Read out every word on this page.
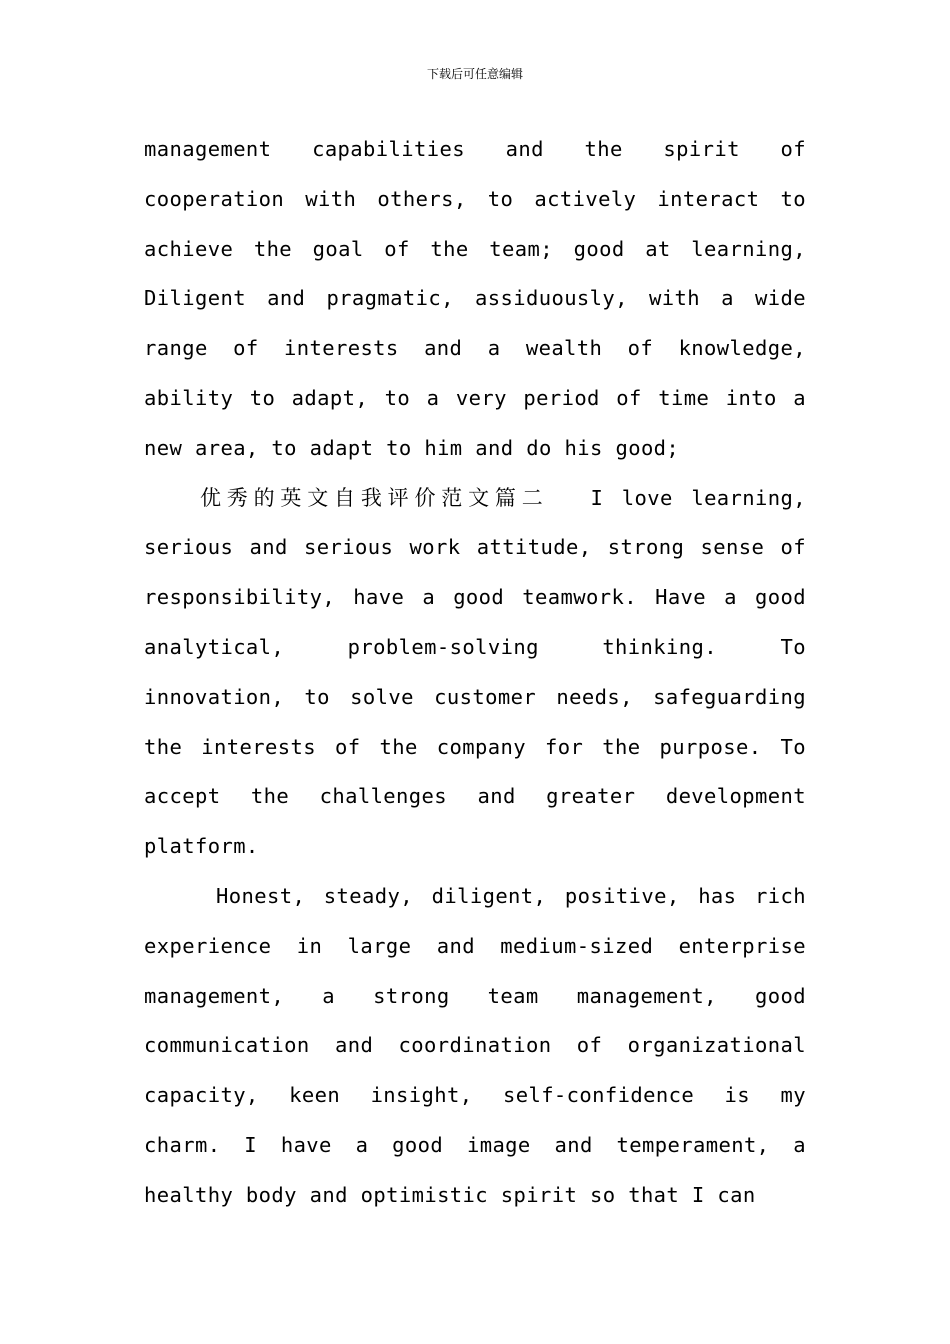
下载后可任意编辑

management capabilities and the spirit of cooperation with others, to actively interact to achieve the goal of the team; good at learning, Diligent and pragmatic, assiduously, with a wide range of interests and a wealth of knowledge, ability to adapt, to a very period of time into a new area, to adapt to him and do his good;

优秀的英文自我评价范文篇二 I love learning, serious and serious work attitude, strong sense of responsibility, have a good teamwork. Have a good analytical, problem-solving thinking. To innovation, to solve customer needs, safeguarding the interests of the company for the purpose. To accept the challenges and greater development platform.

Honest, steady, diligent, positive, has rich experience in large and medium-sized enterprise management, a strong team management, good communication and coordination of organizational capacity, keen insight, self-confidence is my charm. I have a good image and temperament, a healthy body and optimistic spirit so that I can
